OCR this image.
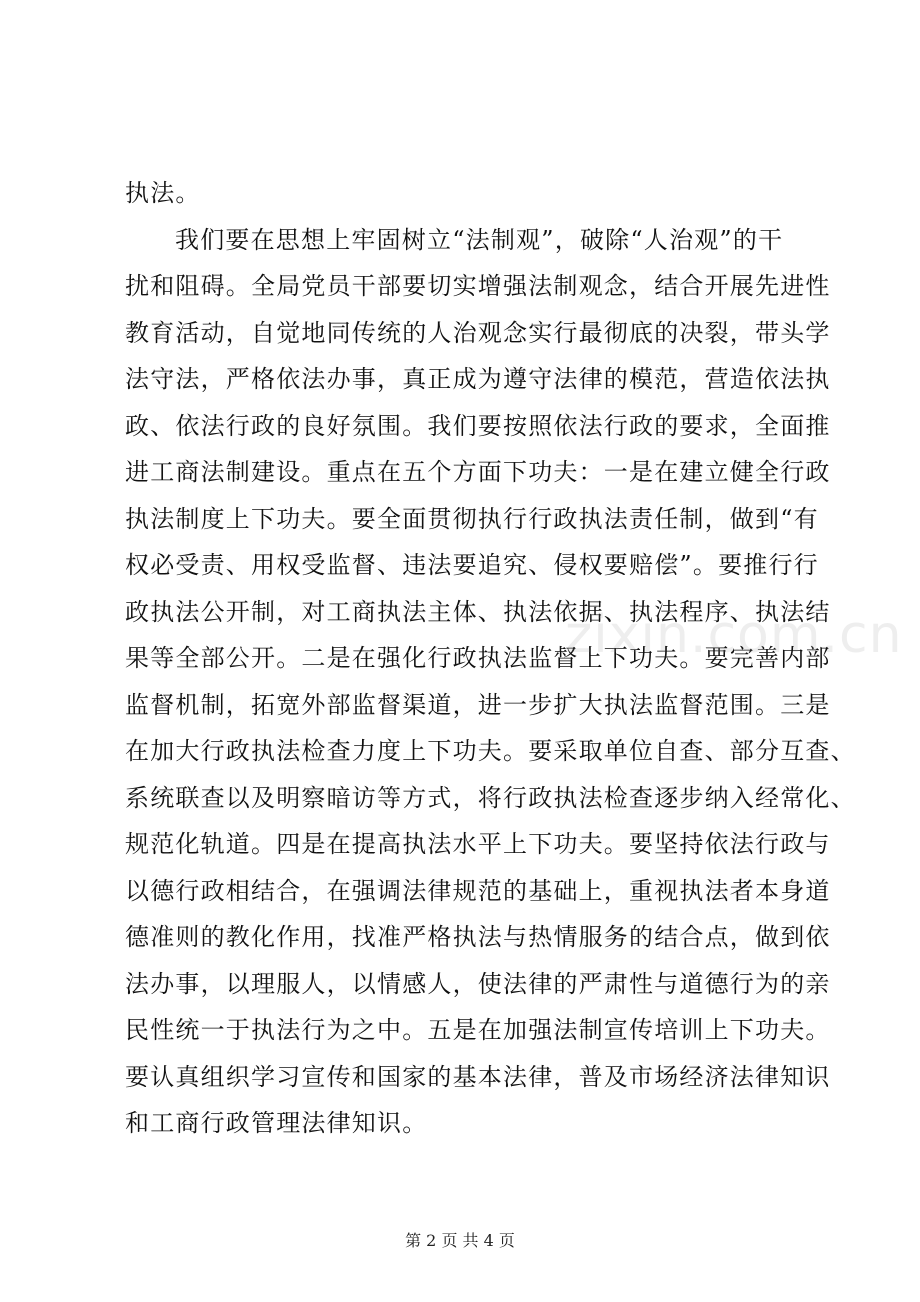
执法。
我们要在思想上牢固树立“法制观”，破除“人治观”的干
扰和阻碍。全局党员干部要切实增强法制观念，结合开展先进性
教育活动，自觉地同传统的人治观念实行最彻底的决裂，带头学
法守法，严格依法办事，真正成为遵守法律的模范，营造依法执
政、依法行政的良好氛围。我们要按照依法行政的要求，全面推
进工商法制建设。重点在五个方面下功夫：一是在建立健全行政
执法制度上下功夫。要全面贯彻执行行政执法责任制，做到“有
权必受责、用权受监督、违法要追究、侵权要赔偿”。要推行行
政执法公开制，对工商执法主体、执法依据、执法程序、执法结
果等全部公开。二是在强化行政执法监督上下功夫。要完善内部
监督机制，拓宽外部监督渠道，进一步扩大执法监督范围。三是
在加大行政执法检查力度上下功夫。要采取单位自查、部分互查、
系统联查以及明察暗访等方式，将行政执法检查逐步纳入经常化、
规范化轨道。四是在提高执法水平上下功夫。要坚持依法行政与
以德行政相结合，在强调法律规范的基础上，重视执法者本身道
德准则的教化作用，找准严格执法与热情服务的结合点，做到依
法办事，以理服人，以情感人，使法律的严肃性与道德行为的亲
民性统一于执法行为之中。五是在加强法制宣传培训上下功夫。
要认真组织学习宣传和国家的基本法律，普及市场经济法律知识
和工商行政管理法律知识。
zixin.com.cn
第 2 页 共 4 页
